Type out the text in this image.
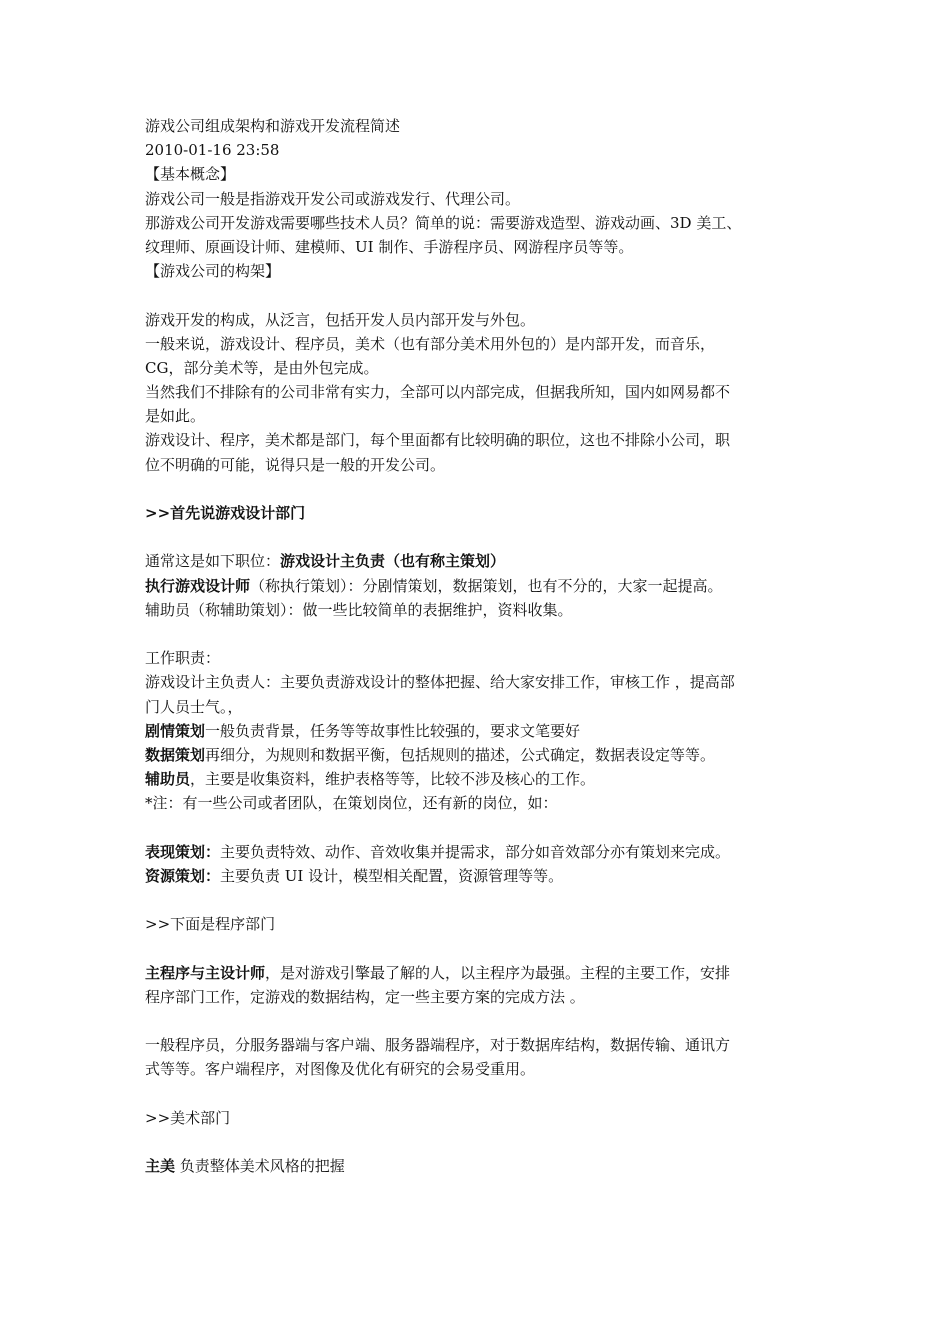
游戏公司组成架构和游戏开发流程简述
2010-01-16 23:58
【基本概念】
游戏公司一般是指游戏开发公司或游戏发行、代理公司。
那游戏公司开发游戏需要哪些技术人员？简单的说：需要游戏造型、游戏动画、3D 美工、
纹理师、原画设计师、建模师、UI 制作、手游程序员、网游程序员等等。
【游戏公司的构架】
游戏开发的构成，从泛言，包括开发人员内部开发与外包。
一般来说，游戏设计、程序员，美术（也有部分美术用外包的）是内部开发，而音乐，
CG，部分美术等，是由外包完成。
当然我们不排除有的公司非常有实力，全部可以内部完成，但据我所知，国内如网易都不
是如此。
游戏设计、程序，美术都是部门，每个里面都有比较明确的职位，这也不排除小公司，职
位不明确的可能，说得只是一般的开发公司。
>>首先说游戏设计部门
通常这是如下职位：游戏设计主负责（也有称主策划）
执行游戏设计师（称执行策划）：分剧情策划，数据策划，也有不分的，大家一起提高。
辅助员（称辅助策划）：做一些比较简单的表据维护，资料收集。
工作职责：
游戏设计主负责人：主要负责游戏设计的整体把握、给大家安排工作，审核工作 ，提高部
门人员士气。，
剧情策划一般负责背景，任务等等故事性比较强的，要求文笔要好
数据策划再细分，为规则和数据平衡，包括规则的描述，公式确定，数据表设定等等。
辅助员，主要是收集资料，维护表格等等，比较不涉及核心的工作。
*注：有一些公司或者团队，在策划岗位，还有新的岗位，如：
表现策划：主要负责特效、动作、音效收集并提需求，部分如音效部分亦有策划来完成。
资源策划：主要负责 UI 设计，模型相关配置，资源管理等等。
>>下面是程序部门
主程序与主设计师，是对游戏引擎最了解的人，以主程序为最强。主程的主要工作，安排
程序部门工作，定游戏的数据结构，定一些主要方案的完成方法 。
一般程序员，分服务器端与客户端、服务器端程序，对于数据库结构，数据传输、通讯方
式等等。客户端程序，对图像及优化有研究的会易受重用。
>>美术部门
主美 负责整体美术风格的把握
